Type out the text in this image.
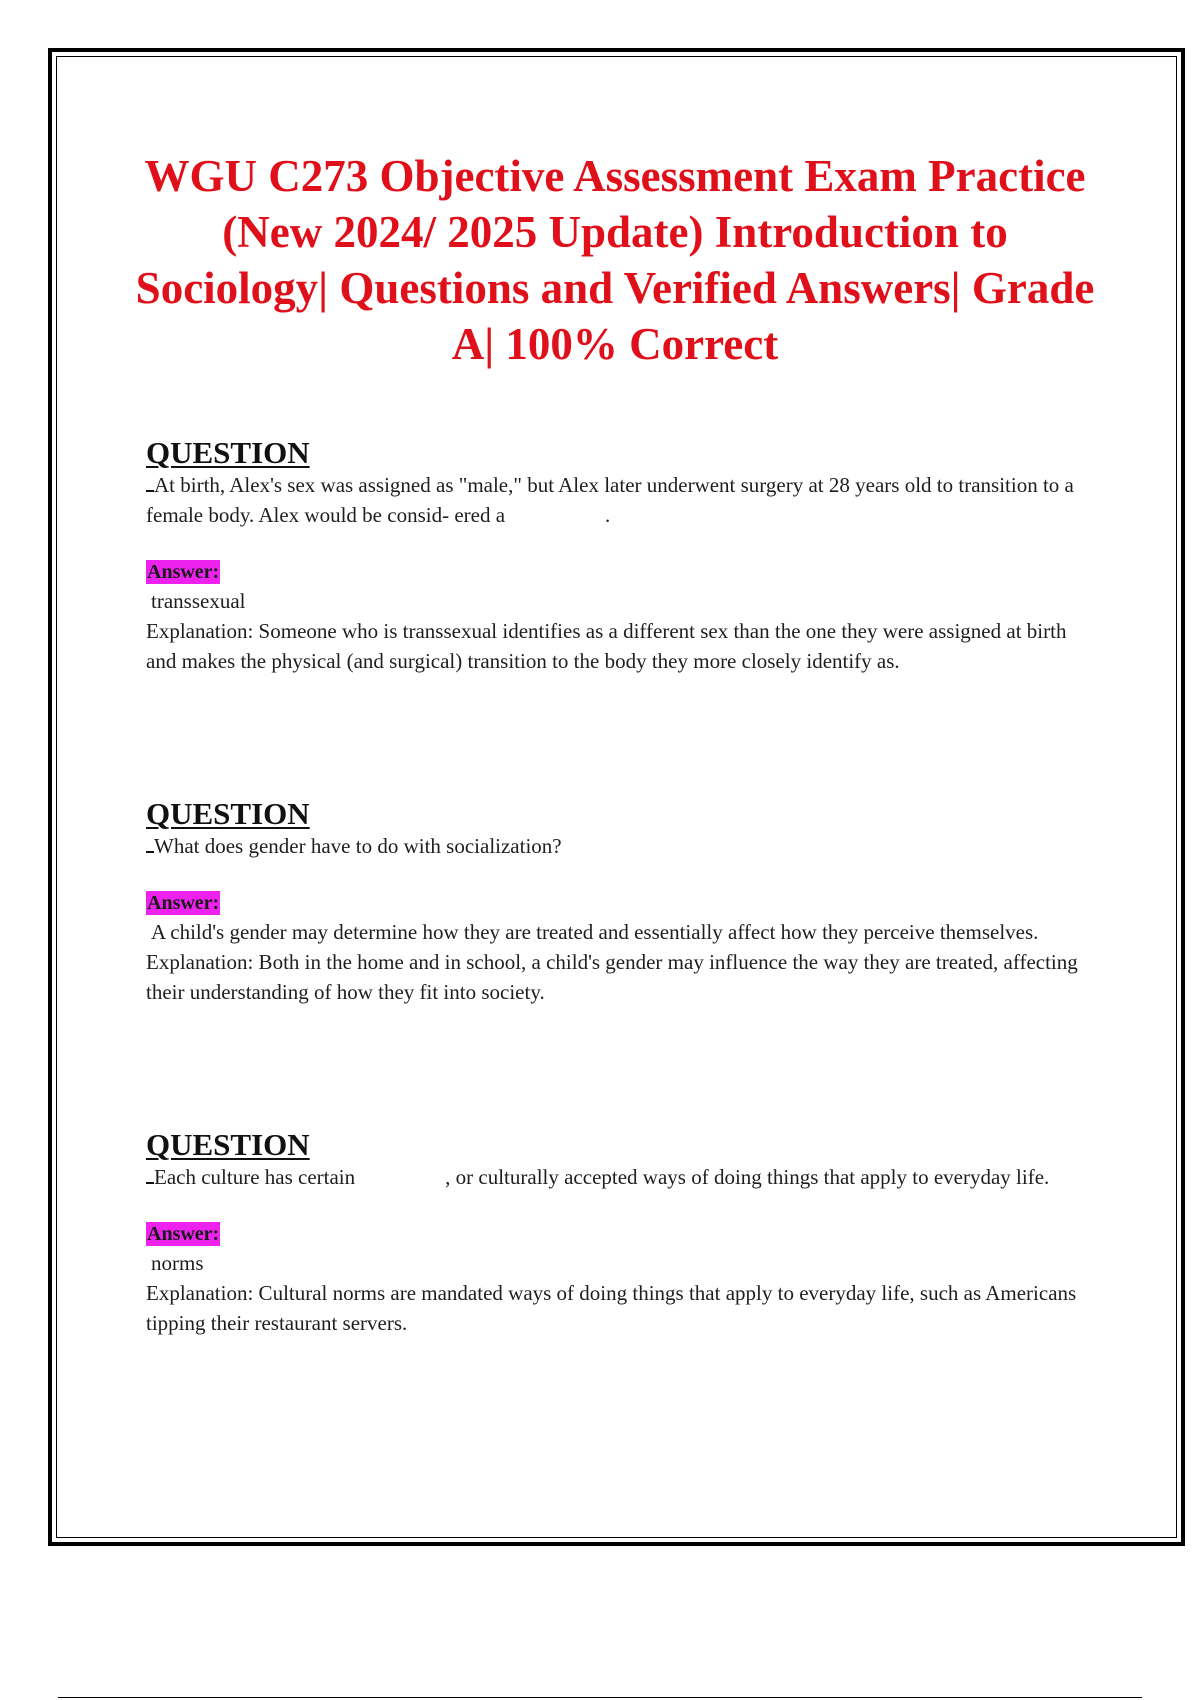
WGU C273 Objective Assessment Exam Practice (New 2024/ 2025 Update) Introduction to Sociology| Questions and Verified Answers| Grade A| 100% Correct
QUESTION

At birth, Alex's sex was assigned as "male," but Alex later underwent surgery at 28 years old to transition to a female body. Alex would be consid- ered a	.

Answer:

transsexual

Explanation: Someone who is transsexual identifies as a different sex than the one they were assigned at birth and makes the physical (and surgical) transition to the body they more closely identify as.

QUESTION

What does gender have to do with socialization?

Answer:

A child's gender may determine how they are treated and essentially affect how they perceive themselves.

Explanation: Both in the home and in school, a child's gender may influence the way they are treated, affecting their understanding of how they fit into society.

QUESTION

Each culture has certain	, or culturally accepted ways of doing things that apply to everyday life.

Answer:

norms

Explanation: Cultural norms are mandated ways of doing things that apply to everyday life, such as Americans tipping their restaurant servers.
